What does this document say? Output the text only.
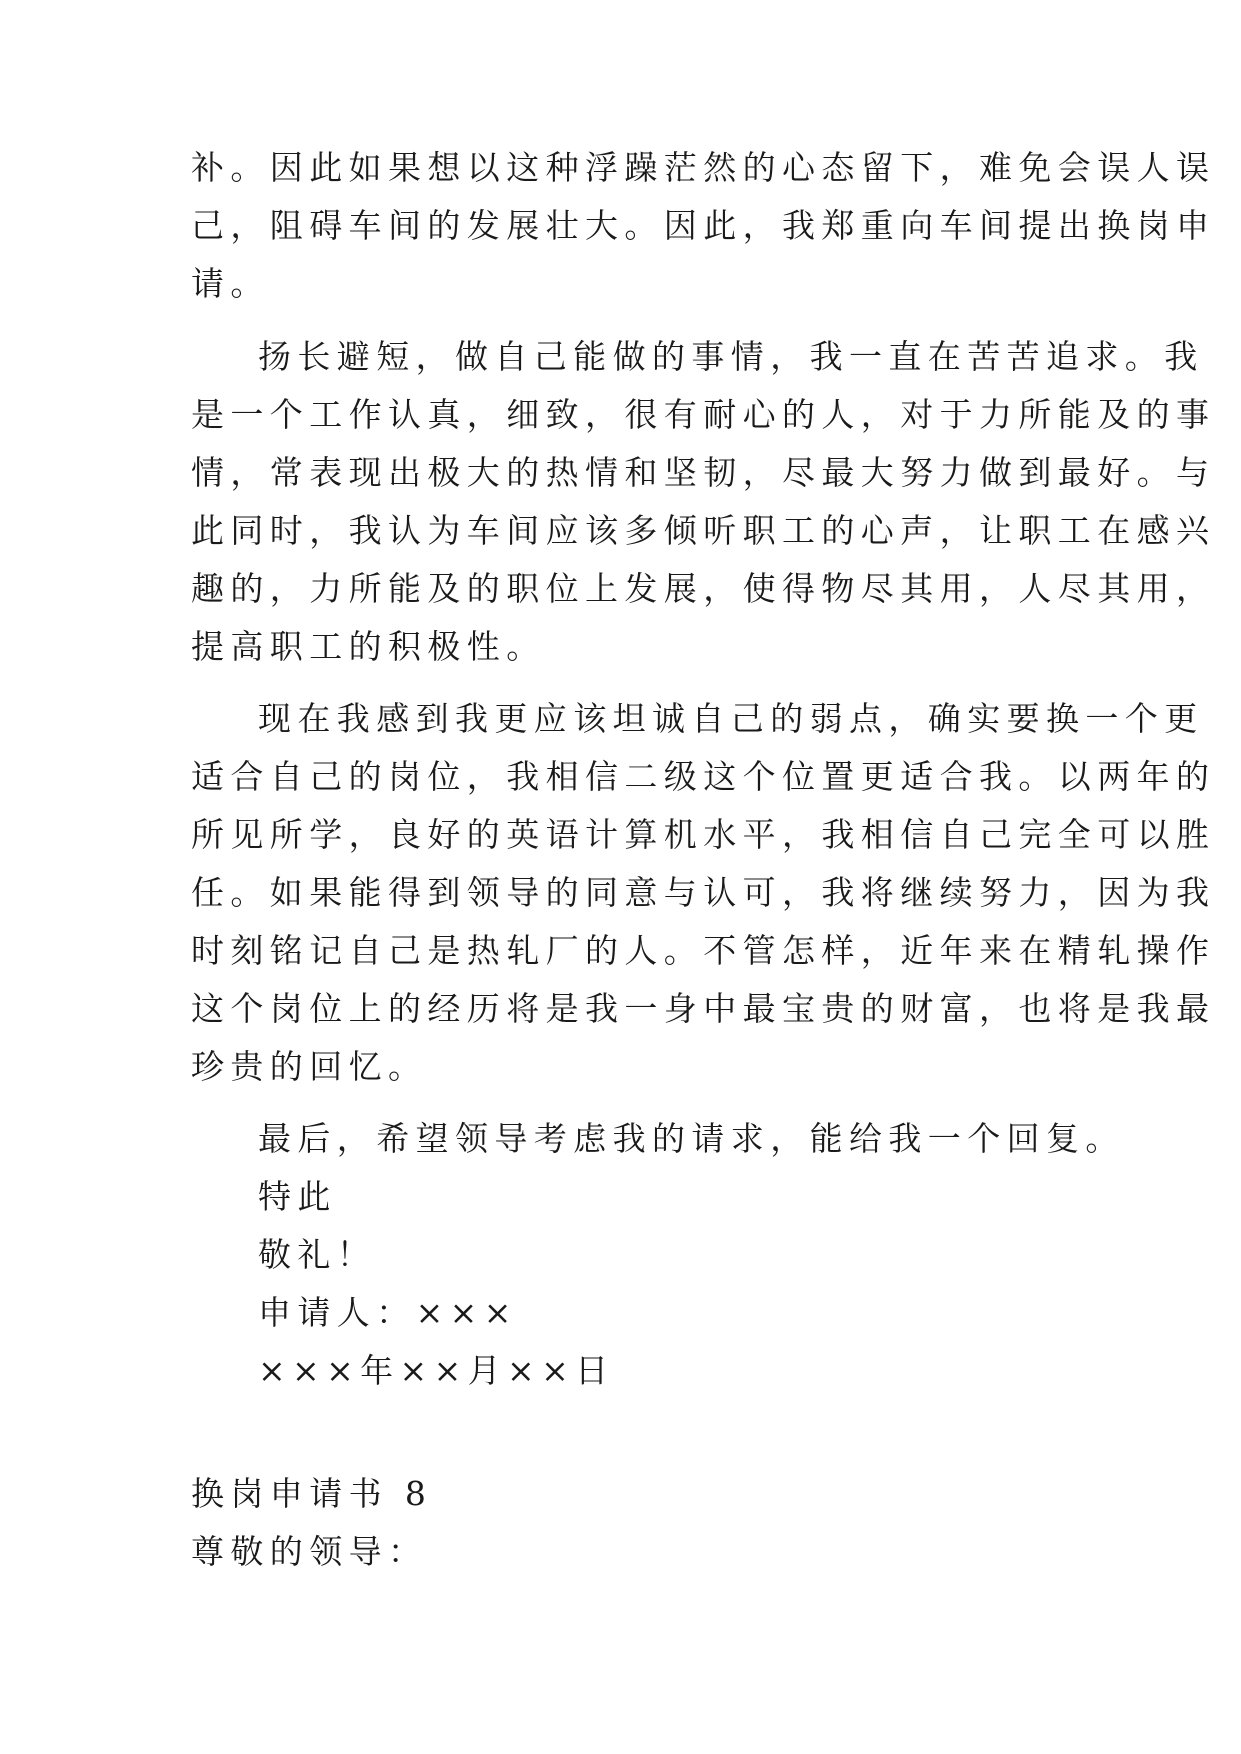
补。因此如果想以这种浮躁茫然的心态留下，难免会误人误
己，阻碍车间的发展壮大。因此，我郑重向车间提出换岗申
请。
扬长避短，做自己能做的事情，我一直在苦苦追求。我
是一个工作认真，细致，很有耐心的人，对于力所能及的事
情，常表现出极大的热情和坚韧，尽最大努力做到最好。与
此同时，我认为车间应该多倾听职工的心声，让职工在感兴
趣的，力所能及的职位上发展，使得物尽其用，人尽其用，
提高职工的积极性。
现在我感到我更应该坦诚自己的弱点，确实要换一个更
适合自己的岗位，我相信二级这个位置更适合我。以两年的
所见所学，良好的英语计算机水平，我相信自己完全可以胜
任。如果能得到领导的同意与认可，我将继续努力，因为我
时刻铭记自己是热轧厂的人。不管怎样，近年来在精轧操作
这个岗位上的经历将是我一身中最宝贵的财富，也将是我最
珍贵的回忆。
最后，希望领导考虑我的请求，能给我一个回复。
特此
敬礼！
申请人：×××
×××年××月××日
换岗申请书 8
尊敬的领导：
